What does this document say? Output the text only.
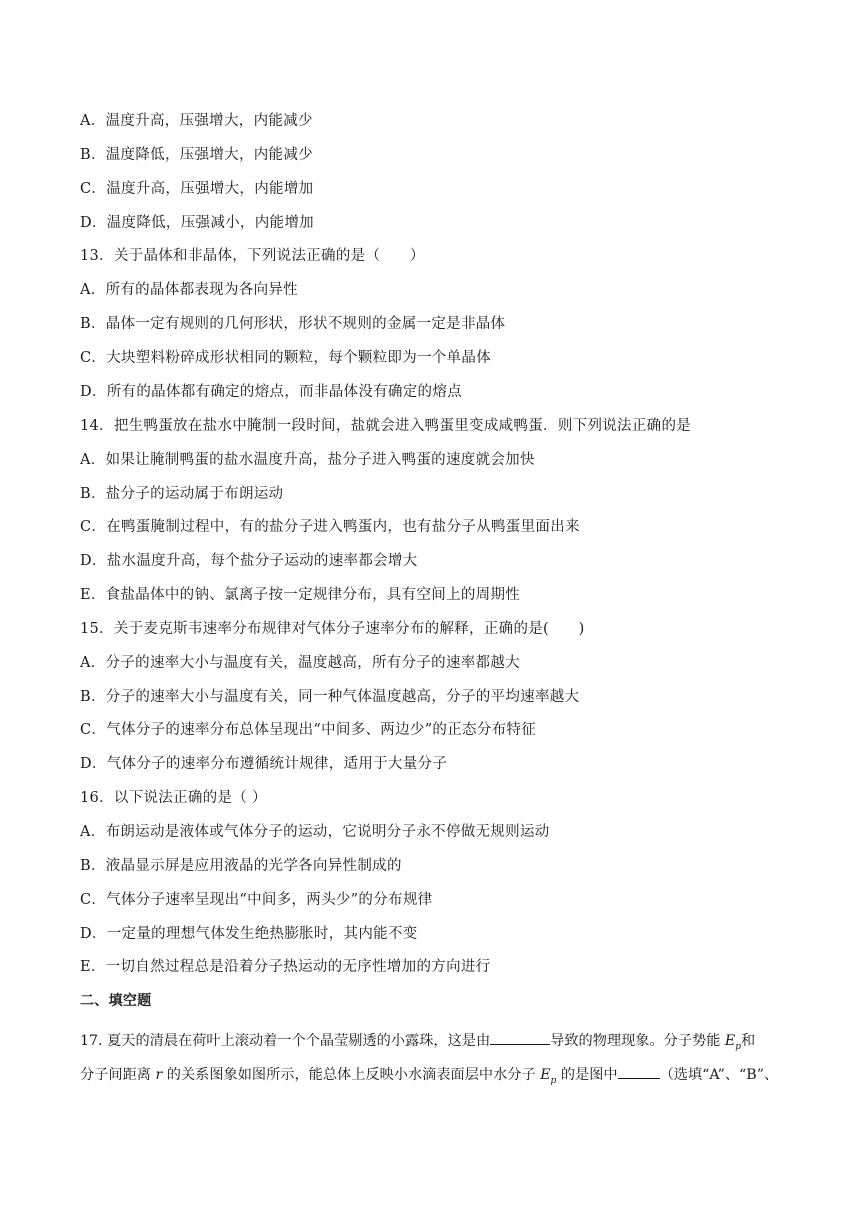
A．温度升高，压强增大，内能减少
B．温度降低，压强增大，内能减少
C．温度升高，压强增大，内能增加
D．温度降低，压强减小，内能增加
13．关于晶体和非晶体，下列说法正确的是（　　）
A．所有的晶体都表现为各向异性
B．晶体一定有规则的几何形状，形状不规则的金属一定是非晶体
C．大块塑料粉碎成形状相同的颗粒，每个颗粒即为一个单晶体
D．所有的晶体都有确定的熔点，而非晶体没有确定的熔点
14．把生鸭蛋放在盐水中腌制一段时间，盐就会进入鸭蛋里变成咸鸭蛋．则下列说法正确的是
A．如果让腌制鸭蛋的盐水温度升高，盐分子进入鸭蛋的速度就会加快
B．盐分子的运动属于布朗运动
C．在鸭蛋腌制过程中，有的盐分子进入鸭蛋内，也有盐分子从鸭蛋里面出来
D．盐水温度升高，每个盐分子运动的速率都会增大
E．食盐晶体中的钠、氯离子按一定规律分布，具有空间上的周期性
15．关于麦克斯韦速率分布规律对气体分子速率分布的解释，正确的是(　　)
A．分子的速率大小与温度有关，温度越高，所有分子的速率都越大
B．分子的速率大小与温度有关，同一种气体温度越高，分子的平均速率越大
C．气体分子的速率分布总体呈现出“中间多、两边少”的正态分布特征
D．气体分子的速率分布遵循统计规律，适用于大量分子
16．以下说法正确的是（ ）
A．布朗运动是液体或气体分子的运动，它说明分子永不停做无规则运动
B．液晶显示屏是应用液晶的光学各向异性制成的
C．气体分子速率呈现出“中间多，两头少”的分布规律
D．一定量的理想气体发生绝热膨胀时，其内能不变
E．一切自然过程总是沿着分子热运动的无序性增加的方向进行
二、填空题
17. 夏天的清晨在荷叶上滚动着一个个晶莹剔透的小露珠，这是由	导致的物理现象。分子势能 $E_p$和
分子间距离 r 的关系图象如图所示，能总体上反映小水滴表面层中水分子 $E_p$ 的是图中	（选填“A”、“B”、
